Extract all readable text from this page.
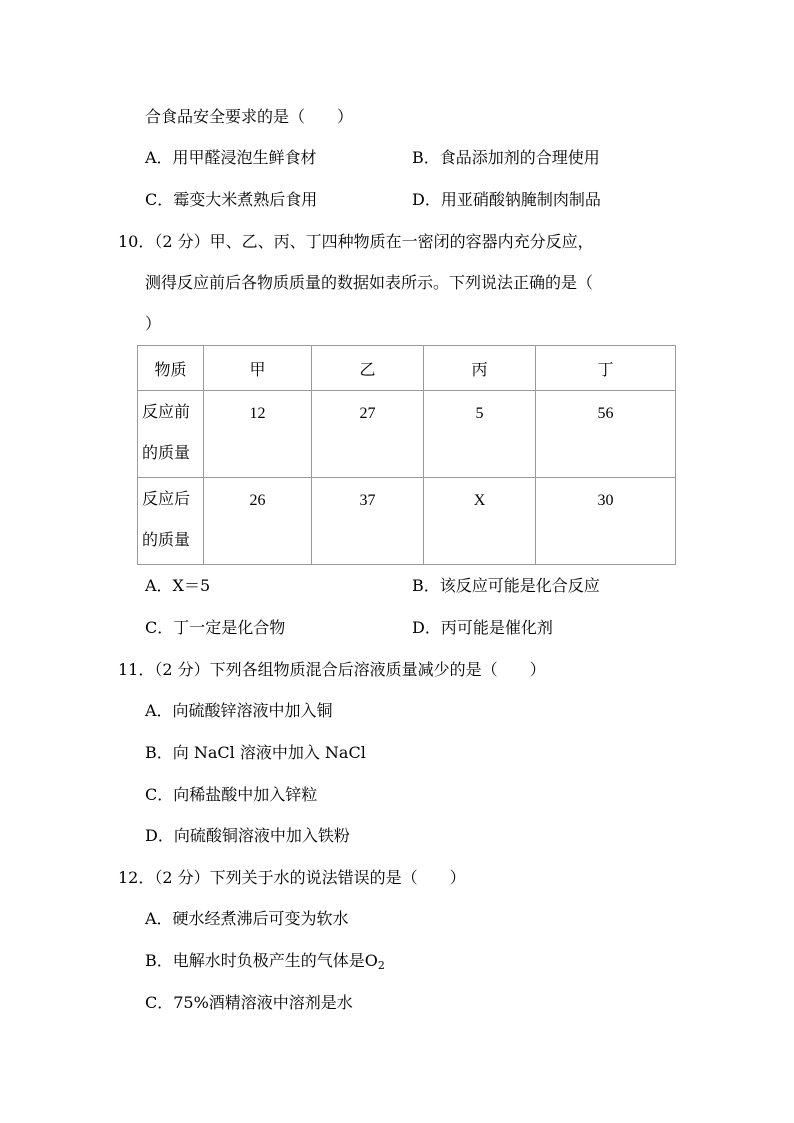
合食品安全要求的是（　　）
A．用甲醛浸泡生鲜食材	B．食品添加剂的合理使用
C．霉变大米煮熟后食用	D．用亚硝酸钠腌制肉制品
10．（2 分）甲、乙、丙、丁四种物质在一密闭的容器内充分反应，
测得反应前后各物质质量的数据如表所示。下列说法正确的是（
）
物质	甲	乙	丙	丁

反应前
的质量	12	27	5	56

反应后
的质量	26	37	X	30
A．X＝5	B．该反应可能是化合反应
C．丁一定是化合物	D．丙可能是催化剂
11．（2 分）下列各组物质混合后溶液质量减少的是（　　）
A．向硫酸锌溶液中加入铜
B．向 NaCl 溶液中加入 NaCl
C．向稀盐酸中加入锌粒
D．向硫酸铜溶液中加入铁粉
12．（2 分）下列关于水的说法错误的是（　　）
A．硬水经煮沸后可变为软水
B．电解水时负极产生的气体是$O_2$
C．75%酒精溶液中溶剂是水
